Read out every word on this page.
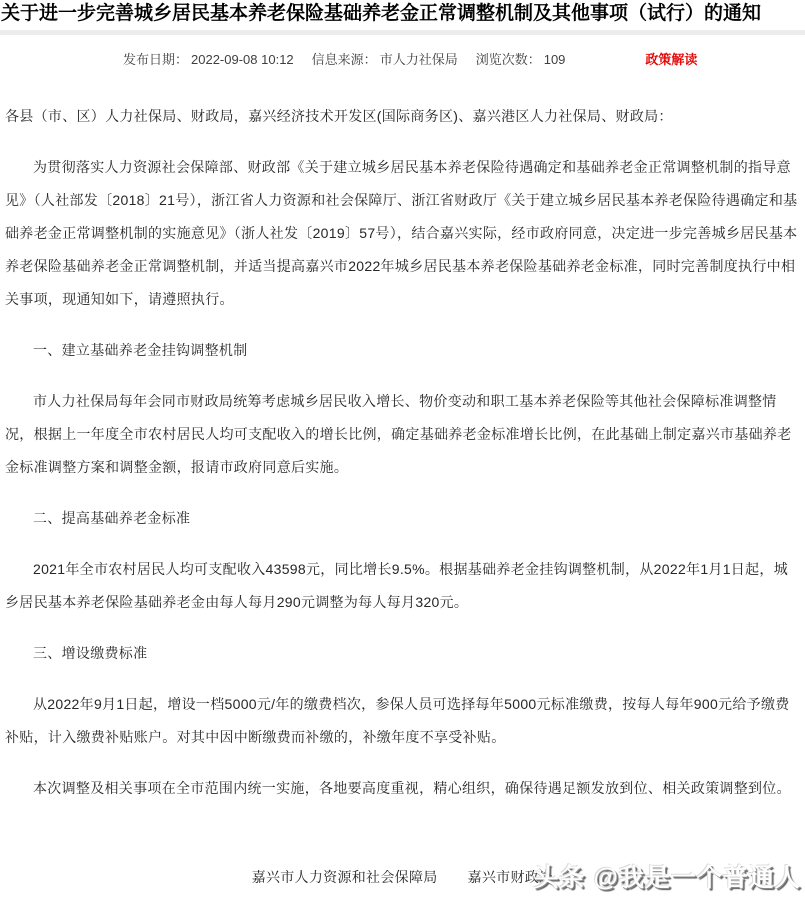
关于进一步完善城乡居民基本养老保险基础养老金正常调整机制及其他事项（试行）的通知
发布日期： 2022-09-08 10:12 信息来源： 市人力社保局 浏览次数： 109	政策解读

各县（市、区）人力社保局、财政局，嘉兴经济技术开发区(国际商务区)、嘉兴港区人力社保局、财政局：

为贯彻落实人力资源社会保障部、财政部《关于建立城乡居民基本养老保险待遇确定和基础养老金正常调整机制的指导意见》（人社部发〔2018〕21号），浙江省人力资源和社会保障厅、浙江省财政厅《关于建立城乡居民基本养老保险待遇确定和基础养老金正常调整机制的实施意见》（浙人社发〔2019〕57号），结合嘉兴实际，经市政府同意，决定进一步完善城乡居民基本养老保险基础养老金正常调整机制，并适当提高嘉兴市2022年城乡居民基本养老保险基础养老金标准，同时完善制度执行中相关事项，现通知如下，请遵照执行。

一、建立基础养老金挂钩调整机制

市人力社保局每年会同市财政局统筹考虑城乡居民收入增长、物价变动和职工基本养老保险等其他社会保障标准调整情况，根据上一年度全市农村居民人均可支配收入的增长比例，确定基础养老金标准增长比例，在此基础上制定嘉兴市基础养老金标准调整方案和调整金额，报请市政府同意后实施。

二、提高基础养老金标准

2021年全市农村居民人均可支配收入43598元，同比增长9.5%。根据基础养老金挂钩调整机制，从2022年1月1日起，城乡居民基本养老保险基础养老金由每人每月290元调整为每人每月320元。

三、增设缴费标准

从2022年9月1日起，增设一档5000元/年的缴费档次，参保人员可选择每年5000元标准缴费，按每人每年900元给予缴费补贴，计入缴费补贴账户。对其中因中断缴费而补缴的，补缴年度不享受补贴。

本次调整及相关事项在全市范围内统一实施，各地要高度重视，精心组织，确保待遇足额发放到位、相关政策调整到位。

嘉兴市人力资源和社会保障局 嘉兴市财政局

头条 @我是一个普通人
